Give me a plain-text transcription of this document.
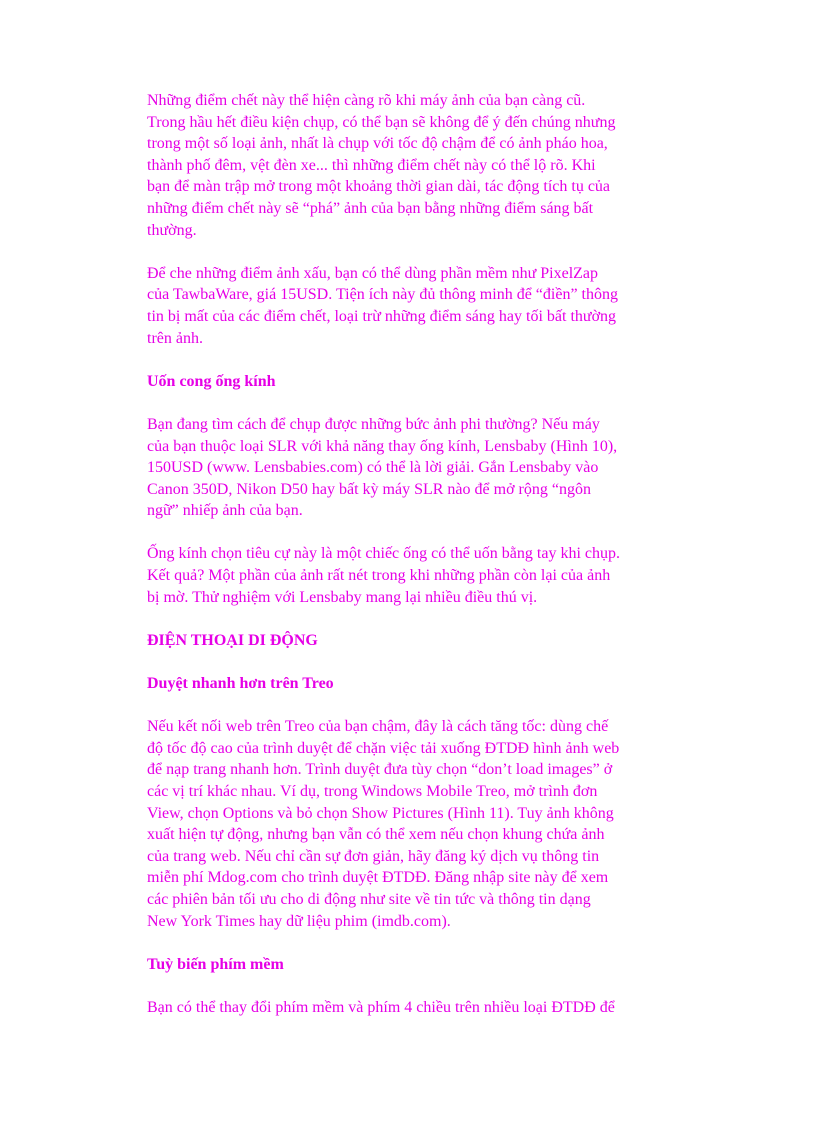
Những điểm chết này thể hiện càng rõ khi máy ảnh của bạn càng cũ.
Trong hầu hết điều kiện chụp, có thể bạn sẽ không để ý đến chúng nhưng
trong một số loại ảnh, nhất là chụp với tốc độ chậm để có ảnh pháo hoa,
thành phố đêm, vệt đèn xe... thì những điểm chết này có thể lộ rõ. Khi
bạn để màn trập mở trong một khoảng thời gian dài, tác động tích tụ của
những điểm chết này sẽ “phá” ảnh của bạn bằng những điểm sáng bất
thường.

Để che những điểm ảnh xấu, bạn có thể dùng phần mềm như PixelZap
của TawbaWare, giá 15USD. Tiện ích này đủ thông minh để “điền” thông
tin bị mất của các điểm chết, loại trừ những điểm sáng hay tối bất thường
trên ảnh.

Uốn cong ống kính

Bạn đang tìm cách để chụp được những bức ảnh phi thường? Nếu máy
của bạn thuộc loại SLR với khả năng thay ống kính, Lensbaby (Hình 10),
150USD (www. Lensbabies.com) có thể là lời giải. Gắn Lensbaby vào
Canon 350D, Nikon D50 hay bất kỳ máy SLR nào để mở rộng “ngôn
ngữ” nhiếp ảnh của bạn.

Ống kính chọn tiêu cự này là một chiếc ống có thể uốn bằng tay khi chụp.
Kết quả? Một phần của ảnh rất nét trong khi những phần còn lại của ảnh
bị mờ. Thử nghiệm với Lensbaby mang lại nhiều điều thú vị.

ĐIỆN THOẠI DI ĐỘNG
Duyệt nhanh hơn trên Treo

Nếu kết nối web trên Treo của bạn chậm, đây là cách tăng tốc: dùng chế
độ tốc độ cao của trình duyệt để chặn việc tải xuống ĐTDĐ hình ảnh web
để nạp trang nhanh hơn. Trình duyệt đưa tùy chọn “don’t load images” ở
các vị trí khác nhau. Ví dụ, trong Windows Mobile Treo, mở trình đơn
View, chọn Options và bỏ chọn Show Pictures (Hình 11). Tuy ảnh không
xuất hiện tự động, nhưng bạn vẫn có thể xem nếu chọn khung chứa ảnh
của trang web. Nếu chỉ cần sự đơn giản, hãy đăng ký dịch vụ thông tin
miễn phí Mdog.com cho trình duyệt ĐTDĐ. Đăng nhập site này để xem
các phiên bản tối ưu cho di động như site về tin tức và thông tin dạng
New York Times hay dữ liệu phim (imdb.com).

Tuỳ biến phím mềm

Bạn có thể thay đổi phím mềm và phím 4 chiều trên nhiều loại ĐTDĐ để
